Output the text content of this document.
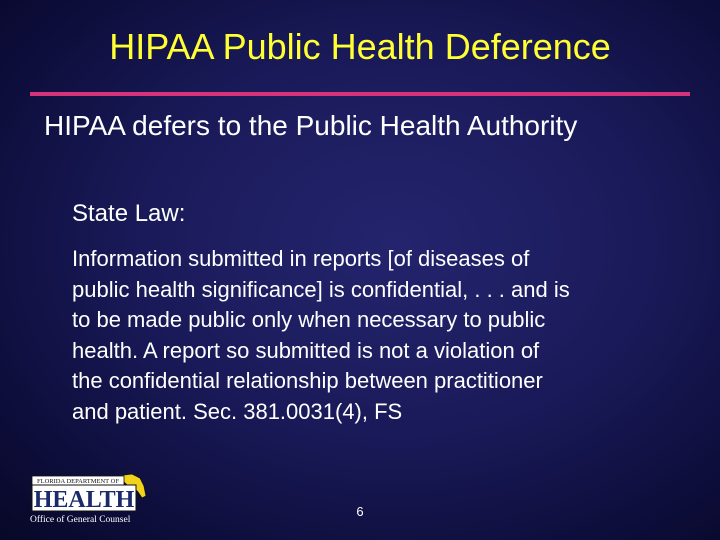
HIPAA Public Health Deference
HIPAA defers to the Public Health Authority
State Law:
Information submitted in reports [of diseases of
public health significance] is confidential, . . . and is
to be made public only when necessary to public
health. A report so submitted is not a violation of
the confidential relationship between practitioner
and patient. Sec. 381.0031(4), FS
FLORIDA DEPARTMENT OF
HEALTH
Office of General Counsel
6
